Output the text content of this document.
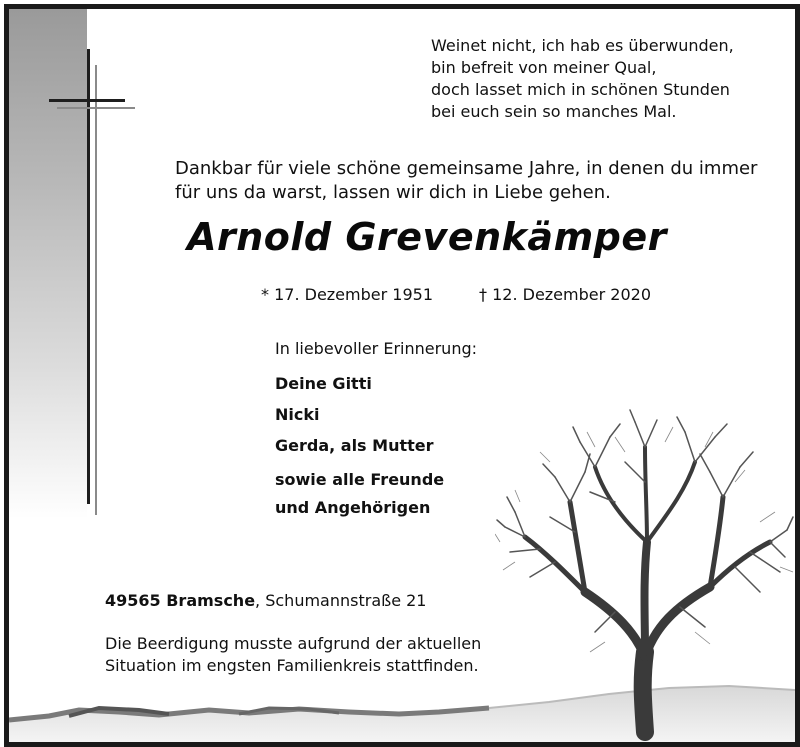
Weinet nicht, ich hab es überwunden,
bin befreit von meiner Qual,
doch lasset mich in schönen Stunden
bei euch sein so manches Mal.
Dankbar für viele schöne gemeinsame Jahre, in denen du immer
für uns da warst, lassen wir dich in Liebe gehen.
Arnold Grevenkämper
* 17. Dezember 1951	† 12. Dezember 2020
In liebevoller Erinnerung:
Deine Gitti
Nicki
Gerda, als Mutter
sowie alle Freunde
und Angehörigen
49565 Bramsche, Schumannstraße 21
Die Beerdigung musste aufgrund der aktuellen
Situation im engsten Familienkreis stattfinden.
